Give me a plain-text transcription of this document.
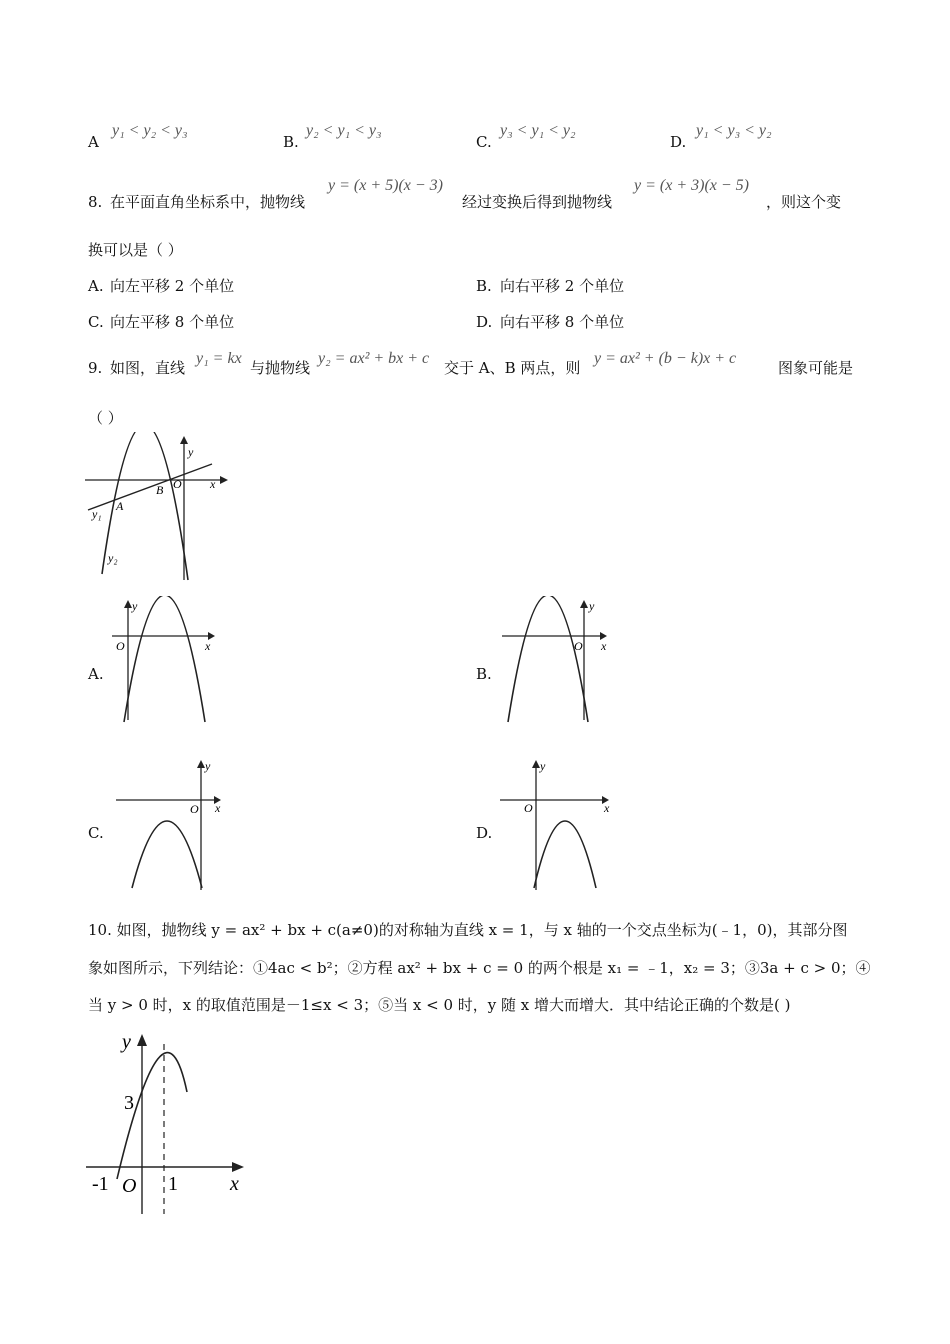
A
y₁ < y₂ < y₃
B.
y₂ < y₁ < y₃
C.
y₃ < y₁ < y₂
D.
y₁ < y₃ < y₂
8. 在平面直角坐标系中，抛物线
y = (x + 5)(x − 3)
经过变换后得到抛物线
y = (x + 3)(x − 5)
，则这个变
换可以是（ ）
A. 向左平移 2 个单位	B. 向右平移 2 个单位
C. 向左平移 8 个单位	D. 向右平移 8 个单位
9. 如图，直线
y₁ = kx
与抛物线
y₂ = ax² + bx + c
交于 A、B 两点，则
y = ax² + (b − k)x + c
图象可能是
（ ）
y
x
O
A
B
y₁
y₂
A.
y
x
O
B.
y
x
O
C.
y
x
O
D.
y
x
O
10. 如图，抛物线 y = ax² + bx + c(a≠0)的对称轴为直线 x = 1，与 x 轴的一个交点坐标为(﹣1，0)，其部分图
象如图所示，下列结论：①4ac < b²；②方程 ax² + bx + c = 0 的两个根是 x₁ = ﹣1，x₂ = 3；③3a + c > 0；④
当 y > 0 时，x 的取值范围是－1≤x < 3；⑤当 x < 0 时，y 随 x 增大而增大．其中结论正确的个数是( )
y
x
3
-1 O 1
